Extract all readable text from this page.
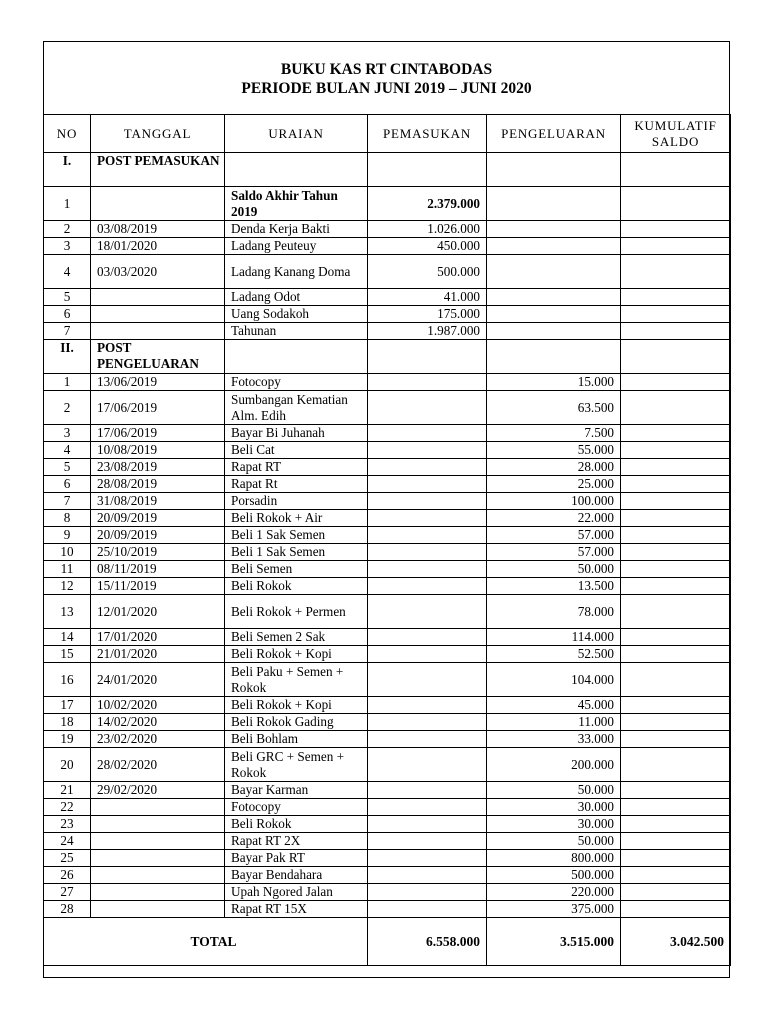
BUKU KAS RT CINTABODAS
PERIODE BULAN JUNI 2019 – JUNI 2020
NO	TANGGAL	URAIAN	PEMASUKAN	PENGELUARAN	KUMULATIF SALDO
I.	POST PEMASUKAN				
1		Saldo Akhir Tahun 2019	2.379.000		
2	03/08/2019	Denda Kerja Bakti	1.026.000		
3	18/01/2020	Ladang Peuteuy	450.000		
4	03/03/2020	Ladang Kanang Doma	500.000		
5		Ladang Odot	41.000		
6		Uang Sodakoh	175.000		
7		Tahunan	1.987.000		
II.	POST PENGELUARAN				
1	13/06/2019	Fotocopy		15.000	
2	17/06/2019	Sumbangan Kematian Alm. Edih		63.500	
3	17/06/2019	Bayar Bi Juhanah		7.500	
4	10/08/2019	Beli Cat		55.000	
5	23/08/2019	Rapat RT		28.000	
6	28/08/2019	Rapat Rt		25.000	
7	31/08/2019	Porsadin		100.000	
8	20/09/2019	Beli Rokok + Air		22.000	
9	20/09/2019	Beli 1 Sak Semen		57.000	
10	25/10/2019	Beli 1 Sak Semen		57.000	
11	08/11/2019	Beli Semen		50.000	
12	15/11/2019	Beli Rokok		13.500	
13	12/01/2020	Beli Rokok + Permen		78.000	
14	17/01/2020	Beli Semen 2 Sak		114.000	
15	21/01/2020	Beli Rokok + Kopi		52.500	
16	24/01/2020	Beli Paku + Semen + Rokok		104.000	
17	10/02/2020	Beli Rokok + Kopi		45.000	
18	14/02/2020	Beli Rokok Gading		11.000	
19	23/02/2020	Beli Bohlam		33.000	
20	28/02/2020	Beli GRC + Semen + Rokok		200.000	
21	29/02/2020	Bayar Karman		50.000	
22		Fotocopy		30.000	
23		Beli Rokok		30.000	
24		Rapat RT 2X		50.000	
25		Bayar Pak RT		800.000	
26		Bayar Bendahara		500.000	
27		Upah Ngored Jalan		220.000	
28		Rapat RT 15X		375.000	
TOTAL			6.558.000	3.515.000	3.042.500
